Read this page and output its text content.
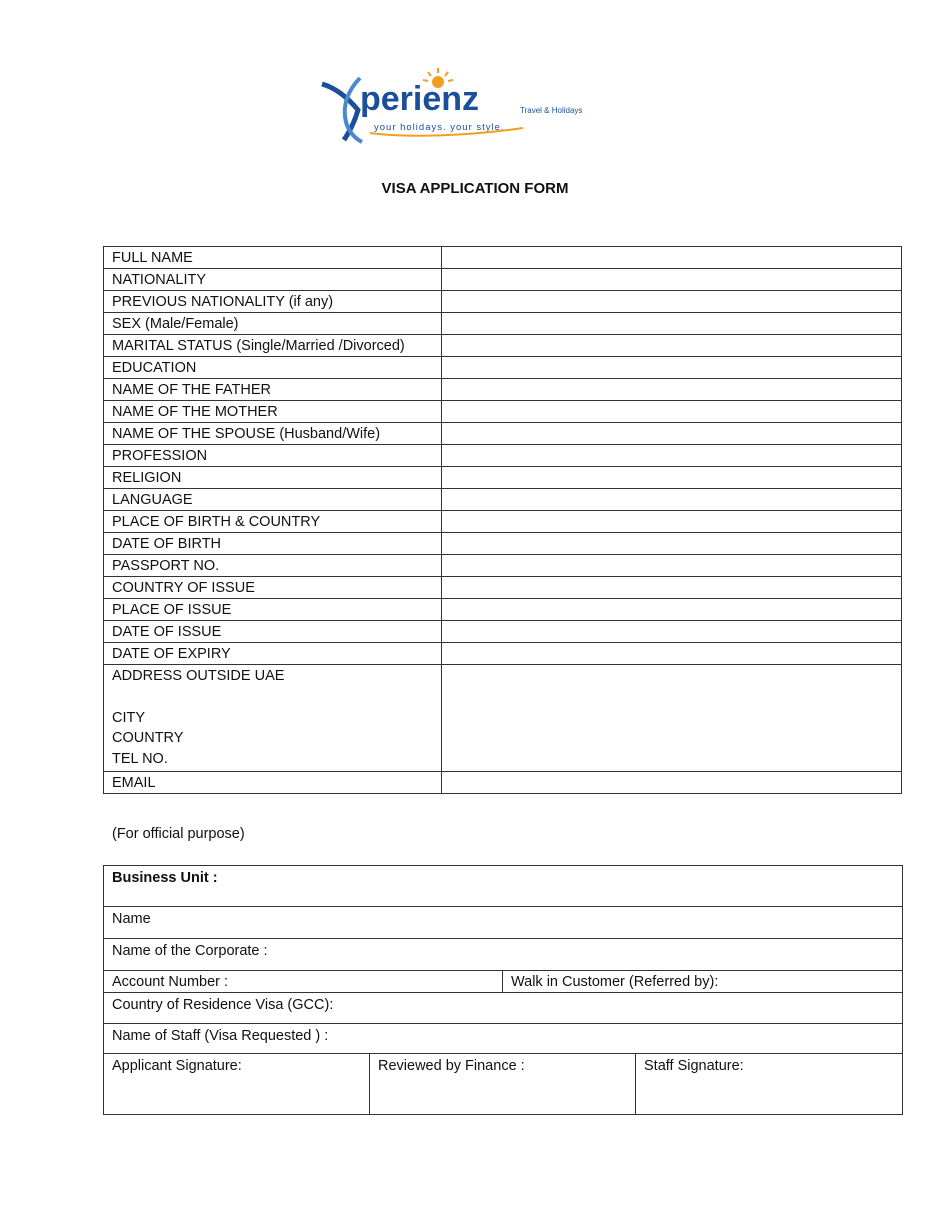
perienz	Travel & Holidays
your holidays. your style.
VISA APPLICATION FORM
FULL NAME	
NATIONALITY	
PREVIOUS NATIONALITY (if any)	
SEX (Male/Female)	
MARITAL STATUS (Single/Married /Divorced)	
EDUCATION	
NAME OF THE FATHER	
NAME OF THE MOTHER	
NAME OF THE SPOUSE (Husband/Wife)	
PROFESSION	
RELIGION	
LANGUAGE	
PLACE OF BIRTH & COUNTRY	
DATE OF BIRTH	
PASSPORT NO.	
COUNTRY OF ISSUE	
PLACE OF ISSUE	
DATE OF ISSUE	
DATE OF EXPIRY	

ADDRESS OUTSIDE UAE
CITY
COUNTRY
TEL NO.	

EMAIL	
(For official purpose)
Business Unit :			
Name			
Name of the Corporate :			
Account Number :		Walk in Customer (Referred by):	
Country of Residence Visa (GCC):			
Name of Staff (Visa Requested ) :			
Applicant Signature:	Reviewed by Finance :		Staff Signature:
